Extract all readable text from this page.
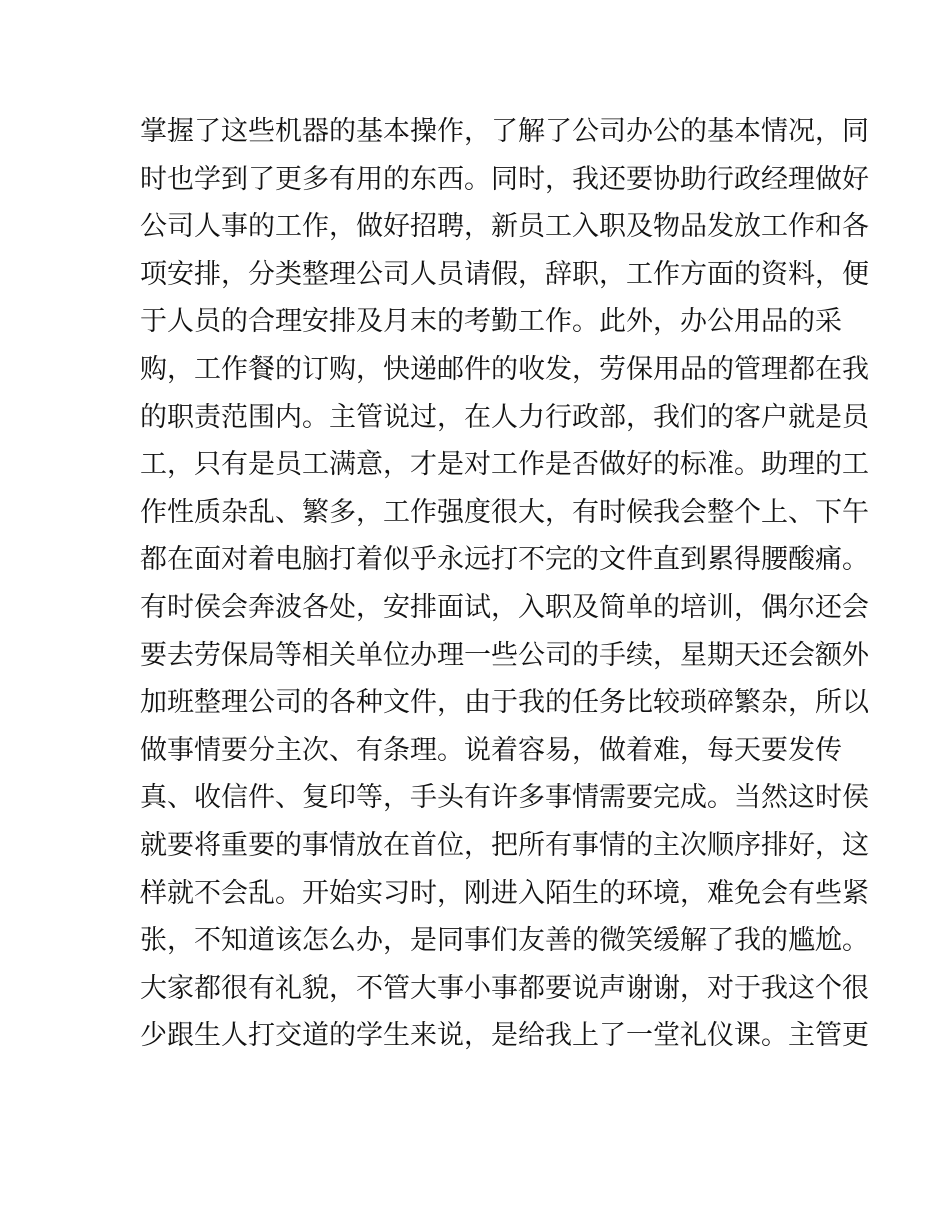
掌握了这些机器的基本操作，了解了公司办公的基本情况，同
时也学到了更多有用的东西。同时，我还要协助行政经理做好
公司人事的工作，做好招聘，新员工入职及物品发放工作和各
项安排，分类整理公司人员请假，辞职，工作方面的资料，便
于人员的合理安排及月末的考勤工作。此外，办公用品的采
购，工作餐的订购，快递邮件的收发，劳保用品的管理都在我
的职责范围内。主管说过，在人力行政部，我们的客户就是员
工，只有是员工满意，才是对工作是否做好的标准。助理的工
作性质杂乱、繁多，工作强度很大，有时候我会整个上、下午
都在面对着电脑打着似乎永远打不完的文件直到累得腰酸痛。
有时侯会奔波各处，安排面试，入职及简单的培训，偶尔还会
要去劳保局等相关单位办理一些公司的手续，星期天还会额外
加班整理公司的各种文件，由于我的任务比较琐碎繁杂，所以
做事情要分主次、有条理。说着容易，做着难，每天要发传
真、收信件、复印等，手头有许多事情需要完成。当然这时侯
就要将重要的事情放在首位，把所有事情的主次顺序排好，这
样就不会乱。开始实习时，刚进入陌生的环境，难免会有些紧
张，不知道该怎么办，是同事们友善的微笑缓解了我的尴尬。
大家都很有礼貌，不管大事小事都要说声谢谢，对于我这个很
少跟生人打交道的学生来说，是给我上了一堂礼仪课。主管更
